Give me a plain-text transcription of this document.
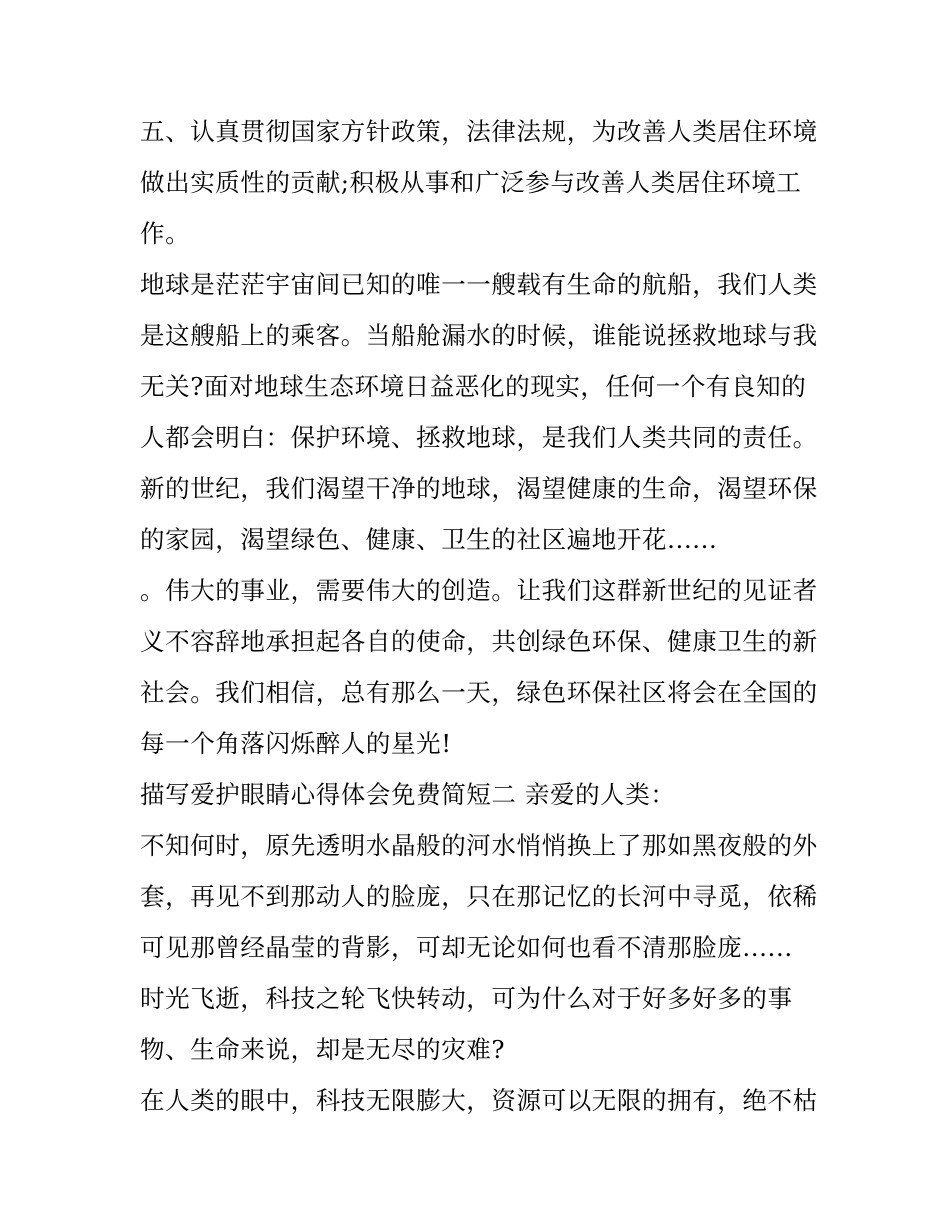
五、认真贯彻国家方针政策，法律法规，为改善人类居住环境
做出实质性的贡献;积极从事和广泛参与改善人类居住环境工
作。
地球是茫茫宇宙间已知的唯一一艘载有生命的航船，我们人类
是这艘船上的乘客。当船舱漏水的时候，谁能说拯救地球与我
无关?面对地球生态环境日益恶化的现实，任何一个有良知的
人都会明白：保护环境、拯救地球，是我们人类共同的责任。
新的世纪，我们渴望干净的地球，渴望健康的生命，渴望环保
的家园，渴望绿色、健康、卫生的社区遍地开花......
。伟大的事业，需要伟大的创造。让我们这群新世纪的见证者
义不容辞地承担起各自的使命，共创绿色环保、健康卫生的新
社会。我们相信，总有那么一天，绿色环保社区将会在全国的
每一个角落闪烁醉人的星光!
描写爱护眼睛心得体会免费简短二 亲爱的人类：
不知何时，原先透明水晶般的河水悄悄换上了那如黑夜般的外
套，再见不到那动人的脸庞，只在那记忆的长河中寻觅，依稀
可见那曾经晶莹的背影，可却无论如何也看不清那脸庞......
时光飞逝，科技之轮飞快转动，可为什么对于好多好多的事
物、生命来说，却是无尽的灾难?
在人类的眼中，科技无限膨大，资源可以无限的拥有，绝不枯
